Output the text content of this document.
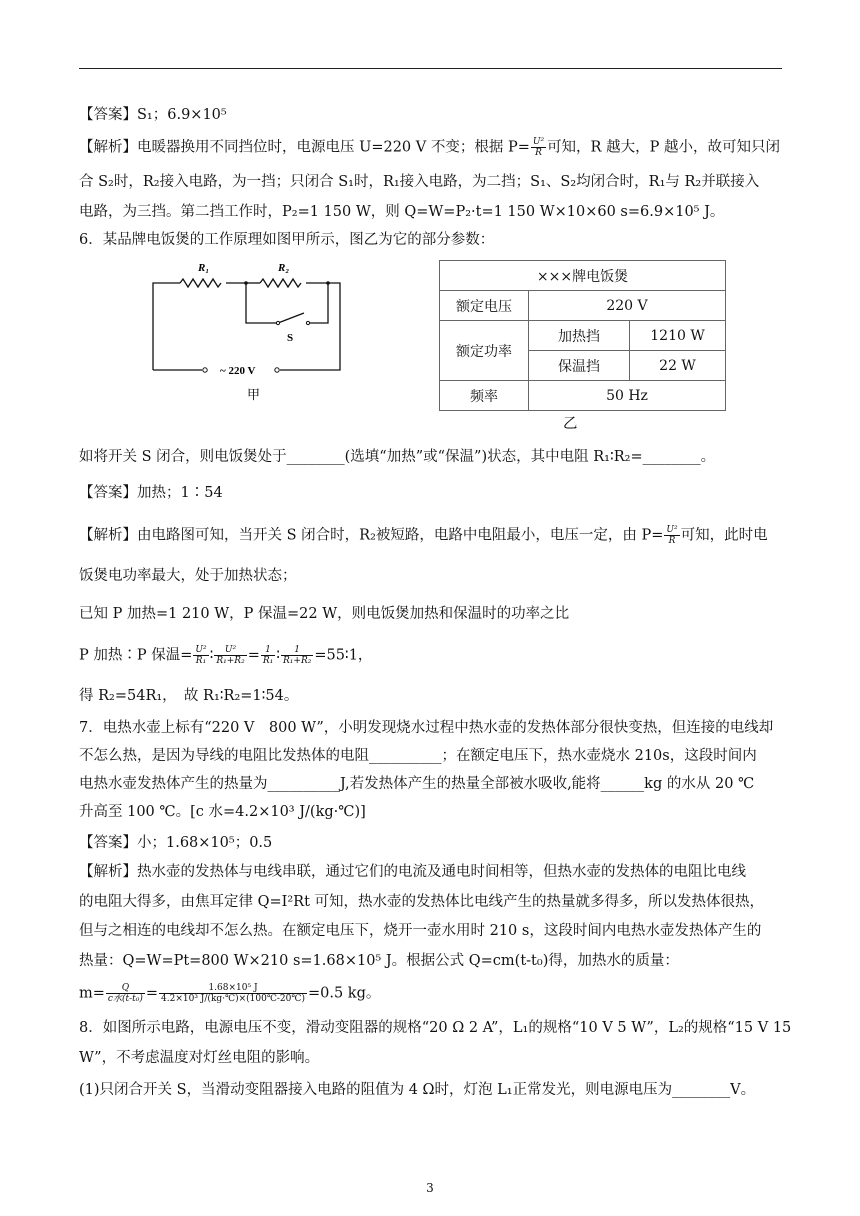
【答案】S₁；6.9×10⁵
【解析】电暖器换用不同挡位时，电源电压 U=220 V 不变；根据 $P= \frac{\text{U²}}{R}$ 可知，R 越大，P 越小，故可知只闭
合 S₂时，R₂接入电路，为一挡；只闭合 S₁时，R₁接入电路，为二挡；S₁、S₂均闭合时，R₁与 R₂并联接入
电路，为三挡。第二挡工作时，P₂=1 150 W，则 Q=W=P₂·t=1 150 W×10×60 s=6.9×10⁵ J。
6．某品牌电饭煲的工作原理如图甲所示，图乙为它的部分参数：
R₁	R₂
S
~ 220 V
甲
×××牌电饭煲		
额定电压	220 V	
额定功率	加热挡	1210 W
	保温挡	22 W
频率	50 Hz	
乙
如将开关 S 闭合，则电饭煲处于________(选填“加热”或“保温”)状态，其中电阻 R₁∶R₂=________。
【答案】加热；1∶54
【解析】由电路图可知，当开关 S 闭合时，R₂被短路，电路中电阻最小，电压一定，由 $P= \frac{\text{U²}}{R}$ 可知，此时电
饭煲电功率最大，处于加热状态；
已知 P 加热=1 210 W，P 保温=22 W，则电饭煲加热和保温时的功率之比
P 加热∶P 保温= $\frac{\text{U²}}{\text{R₁}}$ ∶ $\frac{\text{U²}}{\text{R₁+R₂}} = \frac{1}{\text{R₁}}$ ∶ $\frac{1}{\text{R₁+R₂}}$ =55∶1，
得 R₂=54R₁，　故 R₁∶R₂=1∶54。
7．电热水壶上标有“220 V　800 W”，小明发现烧水过程中热水壶的发热体部分很快变热，但连接的电线却
不怎么热，是因为导线的电阻比发热体的电阻__________；在额定电压下，热水壶烧水 210s，这段时间内
电热水壶发热体产生的热量为__________J,若发热体产生的热量全部被水吸收,能将______kg 的水从 20 ℃
升高至 100 ℃。[c 水=4.2×10³ J/(kg·℃)]
【答案】小；1.68×10⁵；0.5
【解析】热水壶的发热体与电线串联，通过它们的电流及通电时间相等，但热水壶的发热体的电阻比电线
的电阻大得多，由焦耳定律 Q=I²Rt 可知，热水壶的发热体比电线产生的热量就多得多，所以发热体很热，
但与之相连的电线却不怎么热。在额定电压下，烧开一壶水用时 210 s，这段时间内电热水壶发热体产生的
热量：Q=W=Pt=800 W×210 s=1.68×10⁵ J。根据公式 Q=cm(t-t₀)得，加热水的质量：
$m= \frac{Q}{\text{c水(t-t₀)}} = \frac{\text{1.68×10⁵ J}}{\text{4.2×10³ J/(kg·℃)×(100℃-20℃)}} =0.5$ kg。
8．如图所示电路，电源电压不变，滑动变阻器的规格“20 Ω 2 A”，L₁的规格“10 V 5 W”，L₂的规格“15 V 15
W”，不考虑温度对灯丝电阻的影响。
(1)只闭合开关 S，当滑动变阻器接入电路的阻值为 4 Ω时，灯泡 L₁正常发光，则电源电压为________V。
3
